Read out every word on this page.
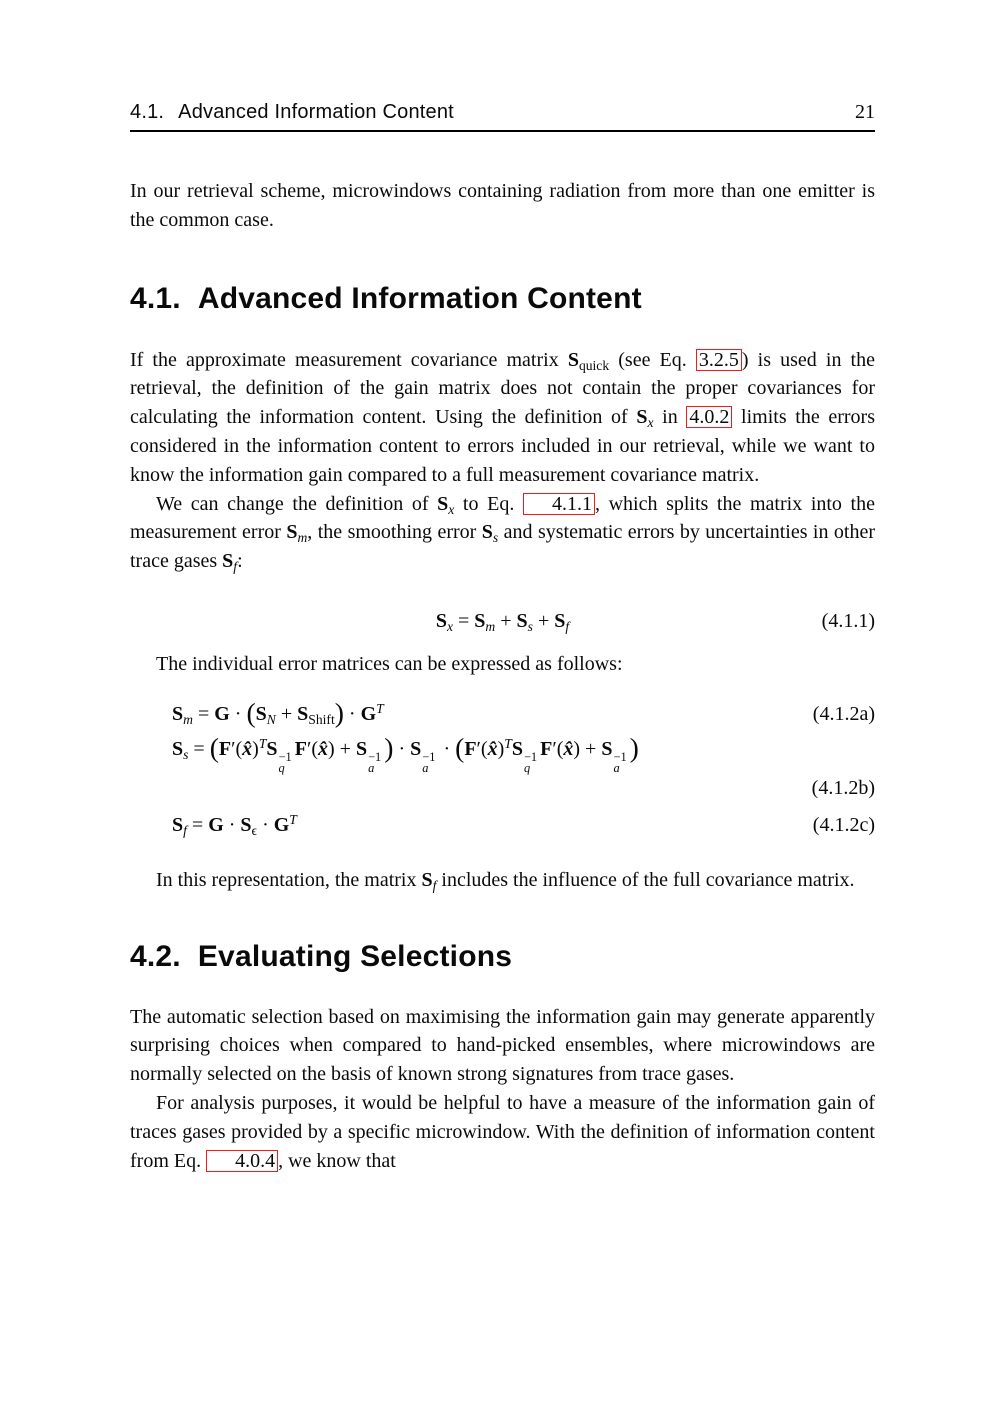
4.1. Advanced Information Content	21

In our retrieval scheme, microwindows containing radiation from more than one emitter is the common case.

4.1. Advanced Information Content

If the approximate measurement covariance matrix $S_{quick}$ (see Eq. 3.2.5 ) is used in the retrieval, the definition of the gain matrix does not contain the proper covariances for calculating the information content. Using the definition of $S_x$ in 4.0.2 limits the errors considered in the information content to errors included in our retrieval, while we want to know the information gain compared to a full measurement covariance matrix.

We can change the definition of $S_x$ to Eq. 4.1.1 , which splits the matrix into the measurement error $S_m$, the smoothing error $S_s$ and systematic errors by uncertainties in other trace gases $S_f$:

$S_x = S_m + S_s + S_f$	(4.1.1)

The individual error matrices can be expressed as follows:

$S_m = G \cdot (S_N + S_{Shift}) \cdot G^T$	(4.1.2a)
$S_s$ = (F′(x̂)$^T$S −1
q
F′(x̂) + S −1
a
) · S −1
a
· (F′(x̂)$^T$S −1
q
F′(x̂) + S −1
a
)
(4.1.2b)
$S_f = G \cdot S_\epsilon \cdot G^T$	(4.1.2c)

In this representation, the matrix $S_f$ includes the influence of the full covariance matrix.

4.2. Evaluating Selections

The automatic selection based on maximising the information gain may generate apparently surprising choices when compared to hand-picked ensembles, where microwindows are normally selected on the basis of known strong signatures from trace gases.

For analysis purposes, it would be helpful to have a measure of the information gain of traces gases provided by a specific microwindow. With the definition of information content from Eq. 4.0.4 , we know that
